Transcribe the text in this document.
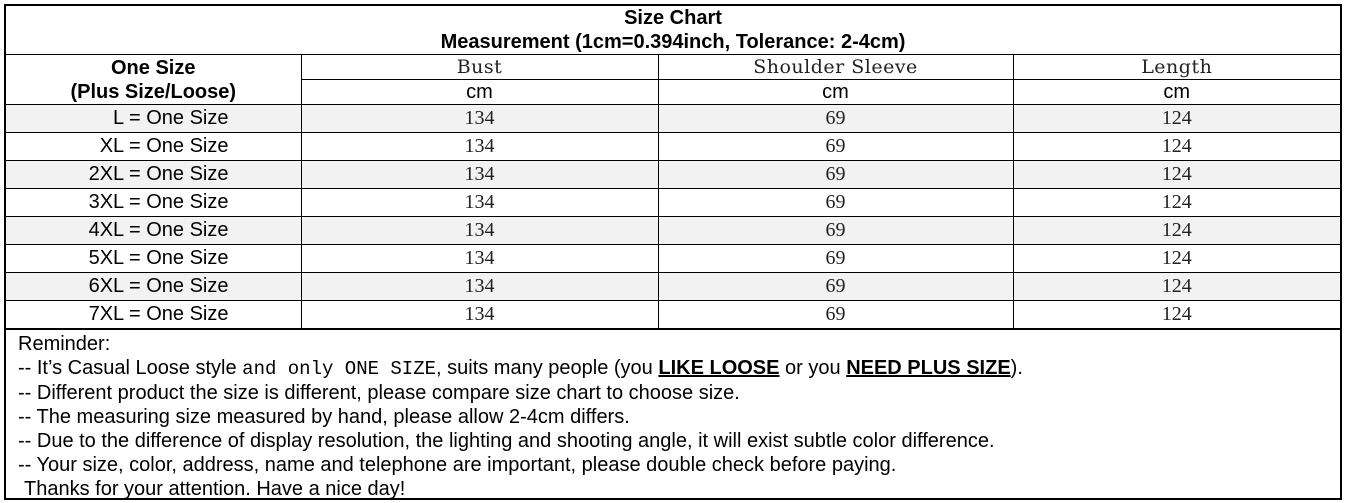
Size Chart
Measurement (1cm=0.394inch, Tolerance: 2-4cm)			

One Size
(Plus Size/Loose)	Bust	Shoulder Sleeve	Length
	cm	cm	cm
L = One Size	134	69	124
XL = One Size	134	69	124
2XL = One Size	134	69	124
3XL = One Size	134	69	124
4XL = One Size	134	69	124
5XL = One Size	134	69	124
6XL = One Size	134	69	124
7XL = One Size	134	69	124
Reminder:
-- It’s Casual Loose style and only ONE SIZE, suits many people (you LIKE LOOSE or you NEED PLUS SIZE).
-- Different product the size is different, please compare size chart to choose size.
-- The measuring size measured by hand, please allow 2-4cm differs.
-- Due to the difference of display resolution, the lighting and shooting angle, it will exist subtle color difference.
-- Your size, color, address, name and telephone are important, please double check before paying.
Thanks for your attention. Have a nice day!
